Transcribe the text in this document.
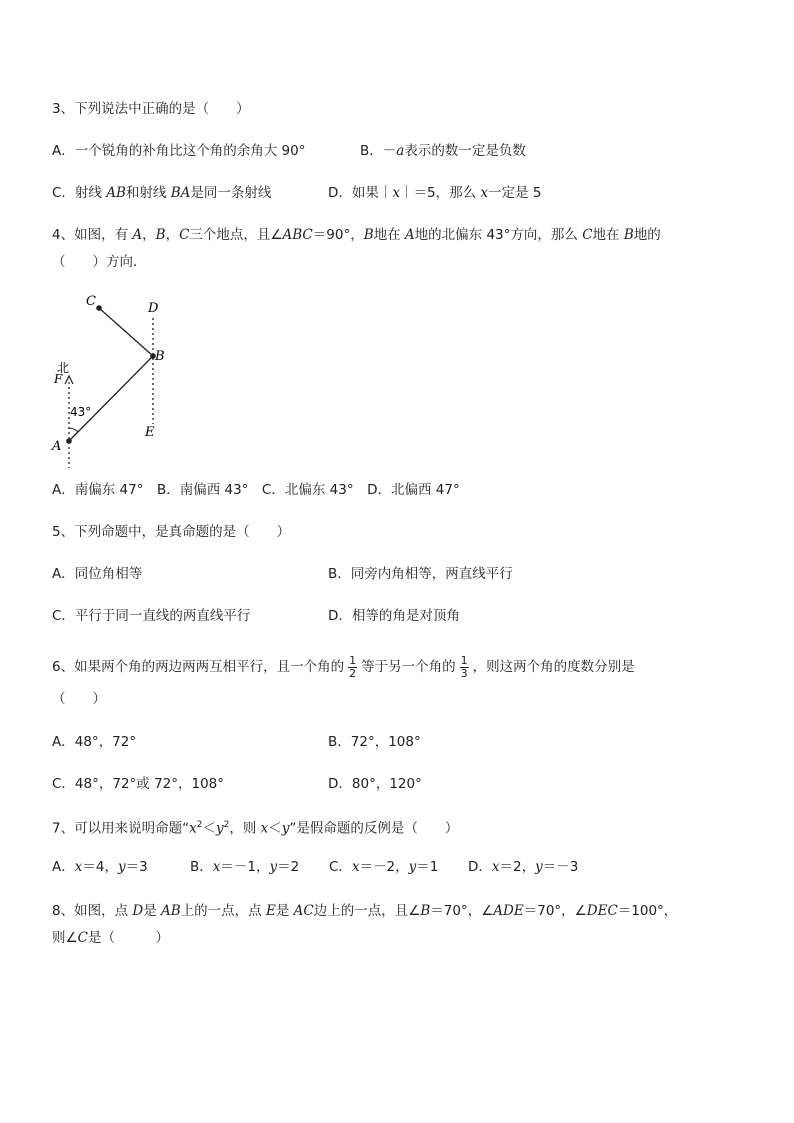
3、下列说法中正确的是（　　）
A．一个锐角的补角比这个角的余角大 90°	B．－a表示的数一定是负数
C．射线 AB和射线 BA是同一条射线	D．如果｜x｜＝5，那么 x一定是 5
4、如图，有 A，B，C三个地点，且∠ABC＝90°，B地在 A地的北偏东 43°方向，那么 C地在 B地的
（　　）方向．
C	D
B
北
F
43°
A
E
A．南偏东 47°　B．南偏西 43°　C．北偏东 43°　D．北偏西 47°
5、下列命题中，是真命题的是（　　）
A．同位角相等	B．同旁内角相等，两直线平行
C．平行于同一直线的两直线平行	D．相等的角是对顶角
6、如果两个角的两边两两互相平行，且一个角的 $\frac{1}{2}$ 等于另一个角的 $\frac{1}{3}$ ，则这两个角的度数分别是
（　　）
A．48°，72°	B．72°，108°
C．48°，72°或 72°，108°	D．80°，120°
7、可以用来说明命题“$x^2<y^2$，则 x＜y”是假命题的反例是（　　）
A．x＝4，y＝3	B．x＝－1，y＝2 C．x＝－2，y＝1 D．x＝2，y＝－3
8、如图，点 D是 AB上的一点，点 E是 AC边上的一点，且∠B＝70°，∠ADE＝70°，∠DEC＝100°，
则∠C是（　　　）
